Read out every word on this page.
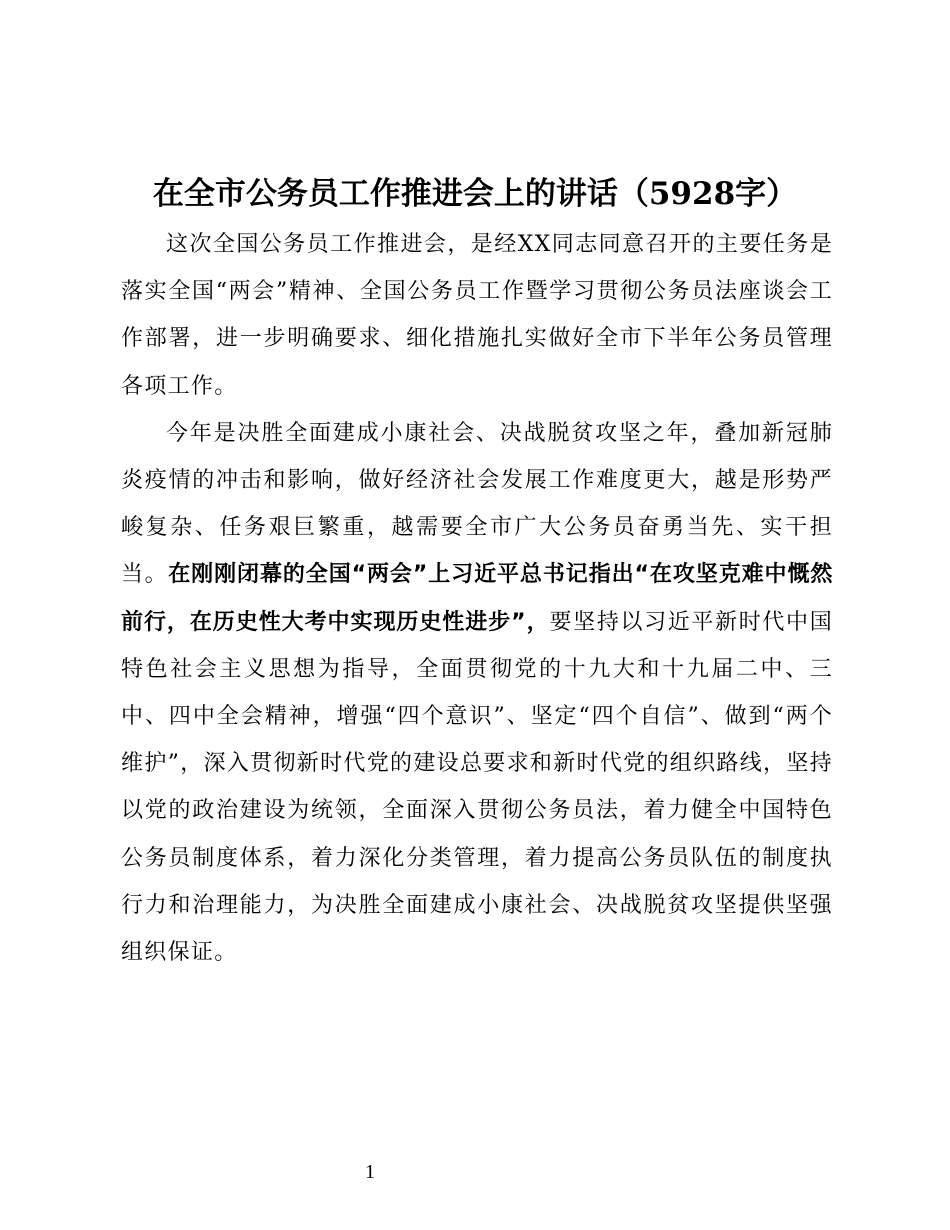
在全市公务员工作推进会上的讲话（5928字）

这次全国公务员工作推进会，是经XX同志同意召开的主要任务是落实全国“两会”精神、全国公务员工作暨学习贯彻公务员法座谈会工作部署，进一步明确要求、细化措施扎实做好全市下半年公务员管理各项工作。

今年是决胜全面建成小康社会、决战脱贫攻坚之年，叠加新冠肺炎疫情的冲击和影响，做好经济社会发展工作难度更大，越是形势严峻复杂、任务艰巨繁重，越需要全市广大公务员奋勇当先、实干担当。在刚刚闭幕的全国“两会”上习近平总书记指出“在攻坚克难中慨然前行，在历史性大考中实现历史性进步”，要坚持以习近平新时代中国特色社会主义思想为指导，全面贯彻党的十九大和十九届二中、三中、四中全会精神，增强“四个意识”、坚定“四个自信”、做到“两个维护”，深入贯彻新时代党的建设总要求和新时代党的组织路线，坚持以党的政治建设为统领，全面深入贯彻公务员法，着力健全中国特色公务员制度体系，着力深化分类管理，着力提高公务员队伍的制度执行力和治理能力，为决胜全面建成小康社会、决战脱贫攻坚提供坚强组织保证。

1
